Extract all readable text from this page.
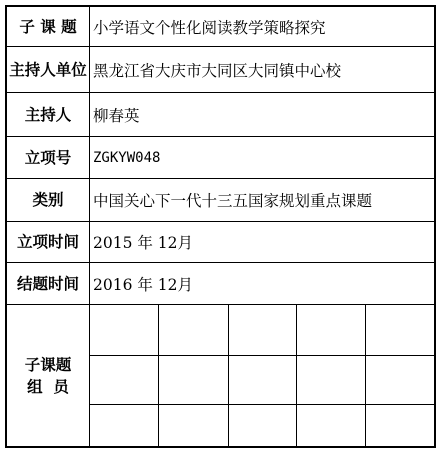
子 课 题	小学语文个性化阅读教学策略探究
主持人单位 黑龙江省大庆市大同区大同镇中心校
主持人	柳春英
立项号	ZGKYW048
类别	中国关心下一代十三五国家规划重点课题
立项时间 2015 年 12月
结题时间 2016 年 12月
子课题
组  员
